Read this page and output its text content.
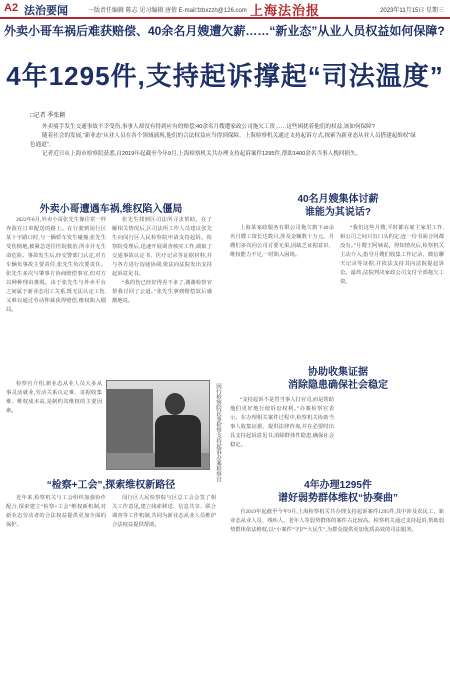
A2 法治要闻	一版责任编辑 陈志 见习编辑 唐倩 E-mail:fzbxzzh@126.com 上海法治报	2023年11月15日 星期三
外卖小哥车祸后难获赔偿、40余名月嫂遭欠薪……“新业态”从业人员权益如何保障?
4年1295件,支持起诉撑起“司法温度”
□记者 季张颖

外卖骑手发生交通事故不幸受伤,事事人却没有得到应有的赔偿;40余名月嫂遭家政公司拖欠工资……这些困扰着他们的权益,该如何保障?

随着社会的发展,“新业态”从业人员在各个领域涌现,他们的合法权益应当得到保障。上海检察机关通过支持起诉方式,探索为新业态从业人员搭建起维权“绿色通道”。

记者近日从上海市检察院获悉,自2019年起截至今年9月,上海检察机关共办理支持起诉案件1295件,帮助1400余名当事人挽回损失。

外卖小哥遭遇车祸,维权陷入僵局

2022年8月,外卖小哥张先生像往常一样奔波在订单配送的路上。在行驶到闵行区某十字路口时,与一辆轿车发生碰撞,张先生受伤倒地,被紧急送往医院救治,所幸并无生命危险。事故发生后,经交警部门认定,对方车辆负事故主要责任,张先生负次要责任。张先生多次与肇事方协商赔偿事宜,但对方以种种理由推脱。由于张先生与外卖平台之间属于新业态用工关系,既无法认定工伤,又难以通过劳动仲裁获得赔偿,维权陷入僵局。

张先生找到区司法所寻求帮助。在了解相关情况后,区司法所工作人员建议张先生向闵行区人民检察院申请支持起诉。检察院受理后,迅速开展调查核实工作,调取了交通事故认定书、医疗记录等证据材料,并与各方进行沟通协调,依法向法院发出支持起诉意见书。

“我的伤已经好得差不多了,谢谢检察官帮我讨回了公道。”张先生拿到赔偿款后感激地说。

检察官介绍,新业态从业人员大多从事灵活就业,劳动关系认定难、证据收集难、维权成本高,是制约其维权的主要因素。	闵行检察院民事检察支持起诉办案检察官
“检察+工会”,探索维权新路径

近年来,检察机关与工会组织加强协作配合,探索建立“检察+工会”维权新机制,对新业态劳动者的合法权益提供更加全面的保护。

闵行区人民检察院与区总工会会签了相关工作意见,建立线索移送、信息共享、联合调查等工作机制,共同为新业态从业人员维护合法权益提供帮助。

40名月嫂集体讨薪
谁能为其说话?

上海某家政服务有限公司拖欠旗下40余名月嫂工资长达数月,涉及金额数十万元。月嫂们多次向公司讨要无果,因缺乏证据意识、维权能力不足,一时陷入困境。

“我们这些月嫂,平时都在雇主家里工作,和公司之间只有口头约定,连一份书面合同都没有。”月嫂王阿姨说。得知情况后,检察机关主动介入,指导月嫂们收集工作记录、微信聊天记录等证据,并依法支持其向法院提起诉讼。最终,法院判决家政公司支付全部拖欠工资。

协助收集证据
消除隐患确保社会稳定

“支持起诉不是替当事人打官司,而是帮助他们更好地行使诉讼权利。”办案检察官表示。在办理相关案件过程中,检察机关协助当事人收集证据、提供法律咨询,并在必要时出具支持起诉意见书,消除群体性隐患,确保社会稳定。

4年办理1295件
谱好弱势群体维权“协奏曲”

自2019年起截至今年9月,上海检察机关共办理支持起诉案件1295件,其中涉及农民工、新业态从业人员、残疾人、老年人等弱势群体的案件占比较高。检察机关通过支持起诉,帮助弱势群体依法维权,以“小案件”守护“大民生”,为群众提供更加优质高效的司法服务。
